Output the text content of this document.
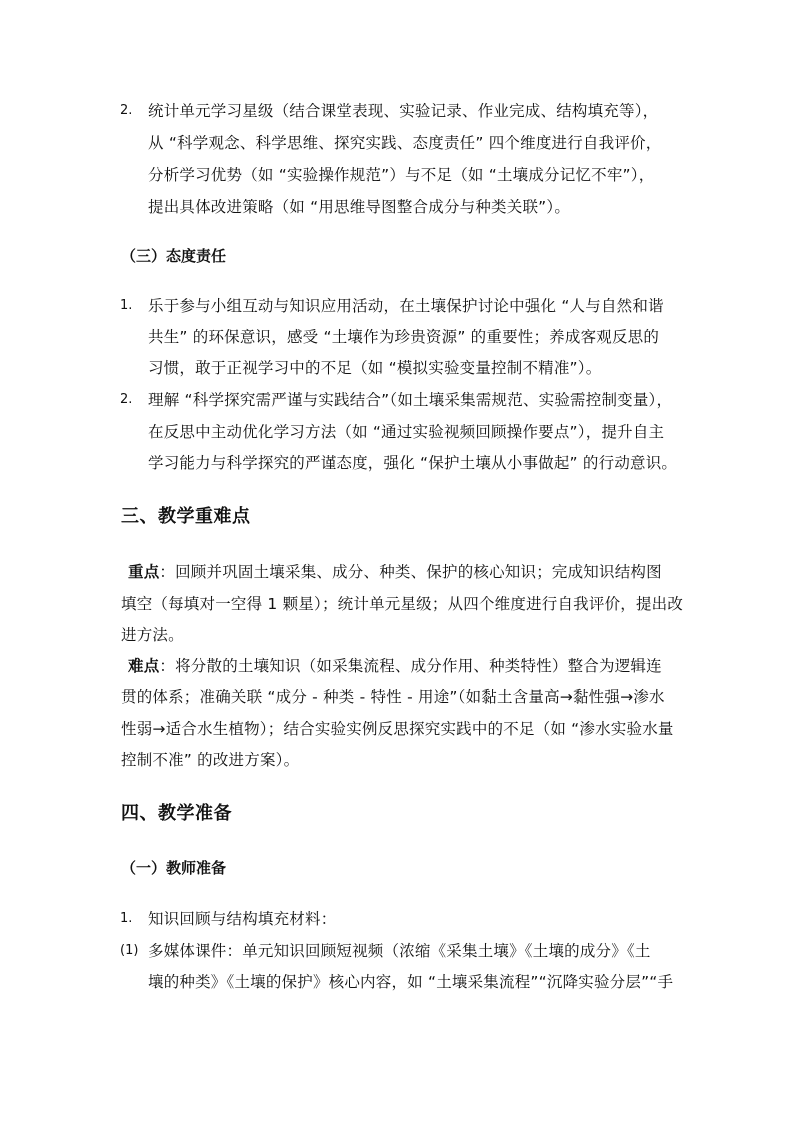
2. 统计单元学习星级（结合课堂表现、实验记录、作业完成、结构填充等），
从 “科学观念、科学思维、探究实践、态度责任” 四个维度进行自我评价，
分析学习优势（如 “实验操作规范”）与不足（如 “土壤成分记忆不牢”），
提出具体改进策略（如 “用思维导图整合成分与种类关联”）。
（三）态度责任
1. 乐于参与小组互动与知识应用活动，在土壤保护讨论中强化 “人与自然和谐
共生” 的环保意识，感受 “土壤作为珍贵资源” 的重要性；养成客观反思的
习惯，敢于正视学习中的不足（如 “模拟实验变量控制不精准”）。
2. 理解 “科学探究需严谨与实践结合”（如土壤采集需规范、实验需控制变量），
在反思中主动优化学习方法（如 “通过实验视频回顾操作要点”），提升自主
学习能力与科学探究的严谨态度，强化 “保护土壤从小事做起” 的行动意识。
三、教学重难点
重点：回顾并巩固土壤采集、成分、种类、保护的核心知识；完成知识结构图
填空（每填对一空得 1 颗星）；统计单元星级；从四个维度进行自我评价，提出改
进方法。
难点：将分散的土壤知识（如采集流程、成分作用、种类特性）整合为逻辑连
贯的体系；准确关联 “成分 - 种类 - 特性 - 用途”（如黏土含量高→黏性强→渗水
性弱→适合水生植物）；结合实验实例反思探究实践中的不足（如 “渗水实验水量
控制不准” 的改进方案）。
四、教学准备
（一）教师准备
1. 知识回顾与结构填充材料：
(1) 多媒体课件：单元知识回顾短视频（浓缩《采集土壤》《土壤的成分》《土
壤的种类》《土壤的保护》核心内容，如 “土壤采集流程”“沉降实验分层”“手
